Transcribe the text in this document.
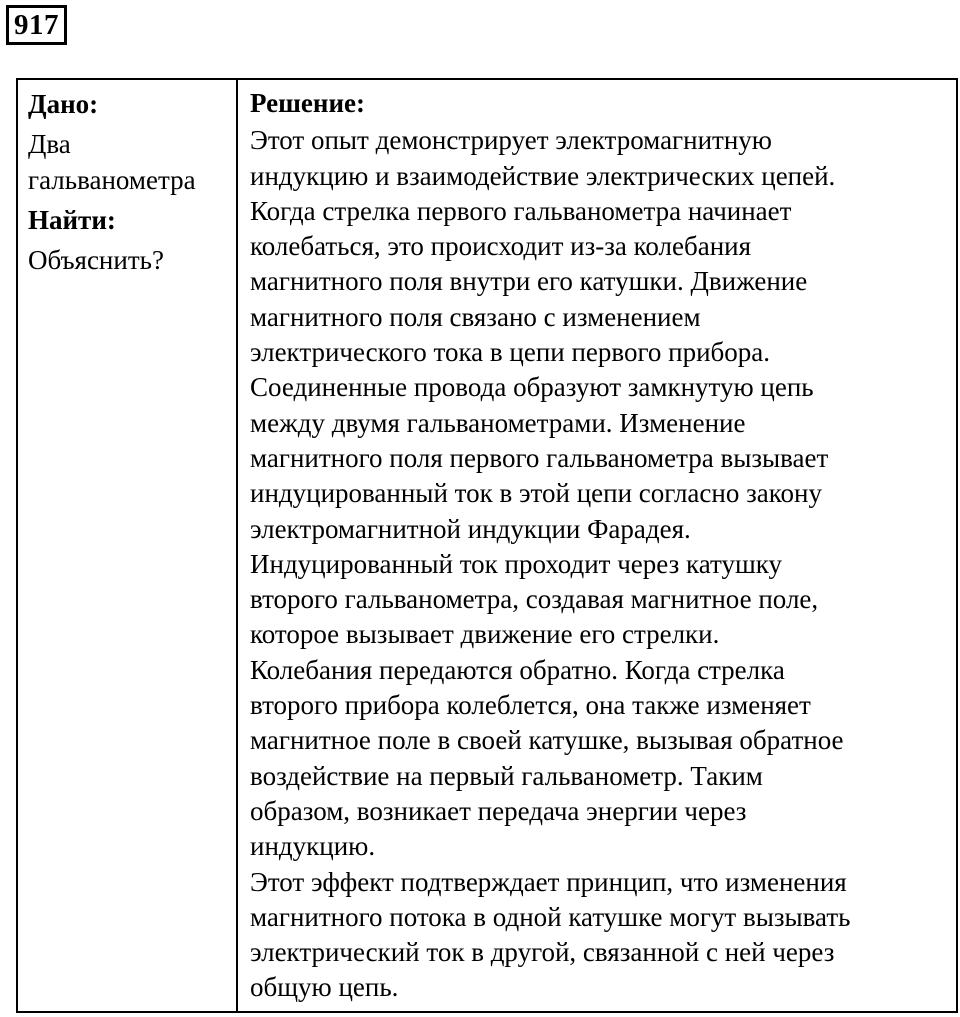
917
Дано:
Два
гальванометра
Найти:
Объяснить?
Решение:
Этот опыт демонстрирует электромагнитную
индукцию и взаимодействие электрических цепей.
Когда стрелка первого гальванометра начинает
колебаться, это происходит из-за колебания
магнитного поля внутри его катушки. Движение
магнитного поля связано с изменением
электрического тока в цепи первого прибора.
Соединенные провода образуют замкнутую цепь
между двумя гальванометрами. Изменение
магнитного поля первого гальванометра вызывает
индуцированный ток в этой цепи согласно закону
электромагнитной индукции Фарадея.
Индуцированный ток проходит через катушку
второго гальванометра, создавая магнитное поле,
которое вызывает движение его стрелки.
Колебания передаются обратно. Когда стрелка
второго прибора колеблется, она также изменяет
магнитное поле в своей катушке, вызывая обратное
воздействие на первый гальванометр. Таким
образом, возникает передача энергии через
индукцию.
Этот эффект подтверждает принцип, что изменения
магнитного потока в одной катушке могут вызывать
электрический ток в другой, связанной с ней через
общую цепь.
